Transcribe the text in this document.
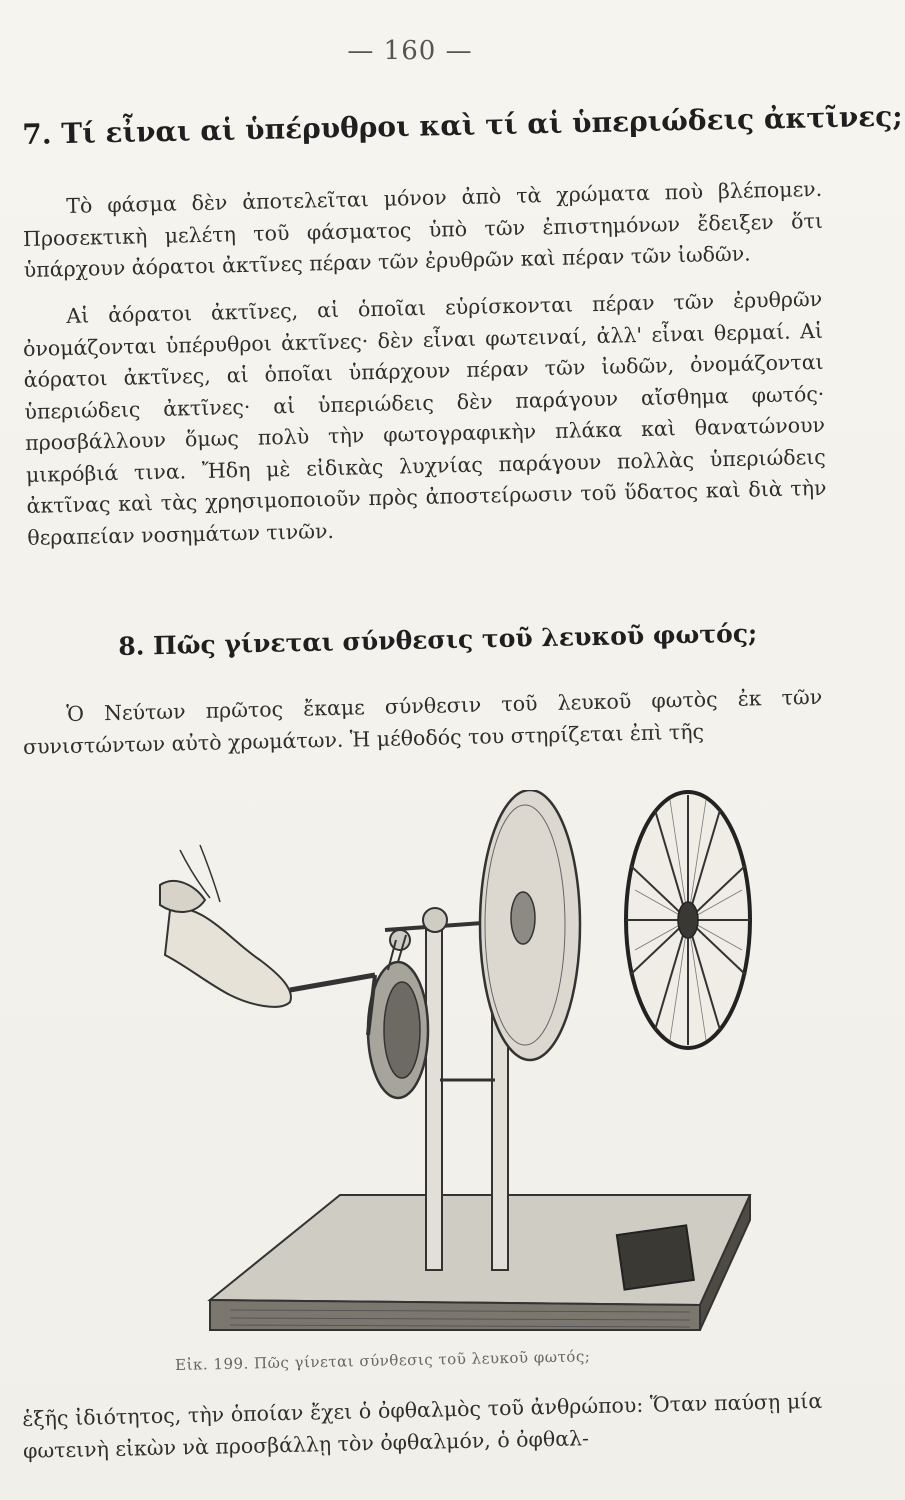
— 160 —
7. Τί εἶναι αἱ ὑπέρυθροι καὶ τί αἱ ὑπεριώδεις ἀκτῖνες;
Τὸ φάσμα δὲν ἀποτελεῖται μόνον ἀπὸ τὰ χρώματα ποὺ βλέπομεν. Προσεκτικὴ μελέτη τοῦ φάσματος ὑπὸ τῶν ἐπιστημόνων ἔδειξεν ὅτι ὑπάρχουν ἀόρατοι ἀκτῖνες πέραν τῶν ἐρυθρῶν καὶ πέραν τῶν ἰωδῶν.
Αἱ ἀόρατοι ἀκτῖνες, αἱ ὁποῖαι εὑρίσκονται πέραν τῶν ἐρυθρῶν ὀνομάζονται ὑπέρυθροι ἀκτῖνες· δὲν εἶναι φωτειναί, ἀλλ' εἶναι θερμαί. Αἱ ἀόρατοι ἀκτῖνες, αἱ ὁποῖαι ὑπάρχουν πέραν τῶν ἰωδῶν, ὀνομάζονται ὑπεριώδεις ἀκτῖνες· αἱ ὑπεριώδεις δὲν παράγουν αἴσθημα φωτός· προσβάλλουν ὅμως πολὺ τὴν φωτογραφικὴν πλάκα καὶ θανατώνουν μικρόβιά τινα. Ἤδη μὲ εἰδικὰς λυχνίας παράγουν πολλὰς ὑπεριώδεις ἀκτῖνας καὶ τὰς χρησιμοποιοῦν πρὸς ἀποστείρωσιν τοῦ ὕδατος καὶ διὰ τὴν θεραπείαν νοσημάτων τινῶν.
8. Πῶς γίνεται σύνθεσις τοῦ λευκοῦ φωτός;
Ὁ Νεύτων πρῶτος ἔκαμε σύνθεσιν τοῦ λευκοῦ φωτὸς ἐκ τῶν συνιστώντων αὐτὸ χρωμάτων. Ἡ μέθοδός του στηρίζεται ἐπὶ τῆς
Εἰκ. 199. Πῶς γίνεται σύνθεσις τοῦ λευκοῦ φωτός;
ἑξῆς ἰδιότητος, τὴν ὁποίαν ἔχει ὁ ὀφθαλμὸς τοῦ ἀνθρώπου: Ὅταν παύσῃ μία φωτεινὴ εἰκὼν νὰ προσβάλλῃ τὸν ὀφθαλμόν, ὁ ὀφθαλ-
